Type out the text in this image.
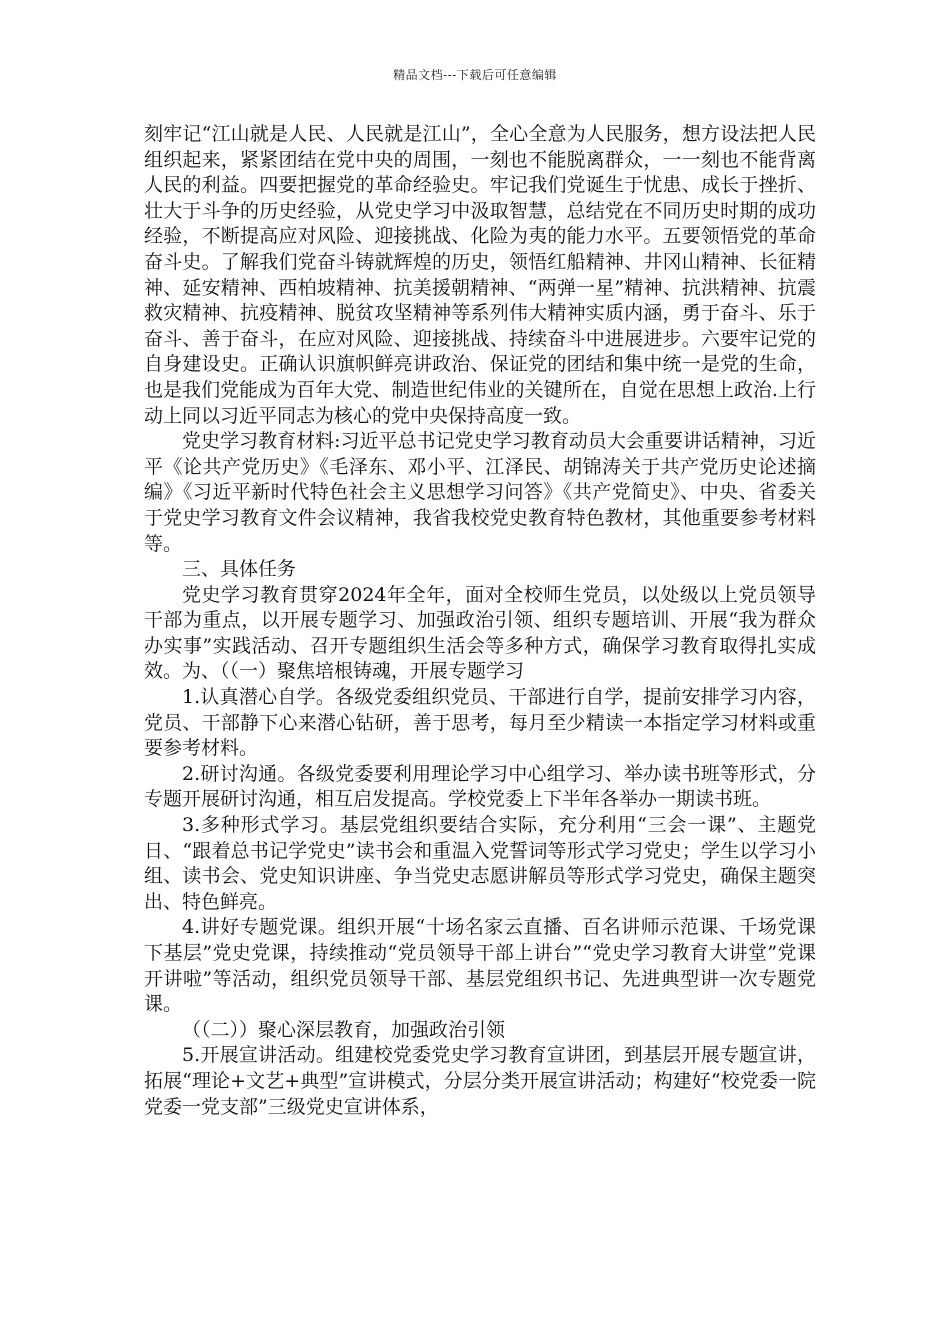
精品文档---下载后可任意编辑

刻牢记“江山就是人民、人民就是江山”，全心全意为人民服务，想方设法把人民组织起来，紧紧团结在党中央的周围，一刻也不能脱离群众，一一刻也不能背离人民的利益。四要把握党的革命经验史。牢记我们党诞生于忧患、成长于挫折、壮大于斗争的历史经验，从党史学习中汲取智慧，总结党在不同历史时期的成功经验，不断提高应对风险、迎接挑战、化险为夷的能力水平。五要领悟党的革命奋斗史。了解我们党奋斗铸就辉煌的历史，领悟红船精神、井冈山精神、长征精神、延安精神、西柏坡精神、抗美援朝精神、“两弹一星”精神、抗洪精神、抗震救灾精神、抗疫精神、脱贫攻坚精神等系列伟大精神实质内涵，勇于奋斗、乐于奋斗、善于奋斗，在应对风险、迎接挑战、持续奋斗中进展进步。六要牢记党的自身建设史。正确认识旗帜鲜亮讲政治、保证党的团结和集中统一是党的生命，也是我们党能成为百年大党、制造世纪伟业的关键所在，自觉在思想上政治.上行动上同以习近平同志为核心的党中央保持高度一致。

党史学习教育材料:习近平总书记党史学习教育动员大会重要讲话精神，习近平《论共产党历史》《毛泽东、邓小平、江泽民、胡锦涛关于共产党历史论述摘编》《习近平新时代特色社会主义思想学习问答》《共产党简史》、中央、省委关于党史学习教育文件会议精神，我省我校党史教育特色教材，其他重要参考材料等。

三、具体任务

党史学习教育贯穿2024年全年，面对全校师生党员，以处级以上党员领导干部为重点，以开展专题学习、加强政治引领、组织专题培训、开展“我为群众办实事”实践活动、召开专题组织生活会等多种方式，确保学习教育取得扎实成效。为、（（一）聚焦培根铸魂，开展专题学习

1.认真潜心自学。各级党委组织党员、干部进行自学，提前安排学习内容，党员、干部静下心来潜心钻研，善于思考，每月至少精读一本指定学习材料或重要参考材料。

2.研讨沟通。各级党委要利用理论学习中心组学习、举办读书班等形式，分专题开展研讨沟通，相互启发提高。学校党委上下半年各举办一期读书班。

3.多种形式学习。基层党组织要结合实际，充分利用“三会一课”、主题党日、“跟着总书记学党史”读书会和重温入党誓词等形式学习党史；学生以学习小组、读书会、党史知识讲座、争当党史志愿讲解员等形式学习党史，确保主题突出、特色鲜亮。

4.讲好专题党课。组织开展“十场名家云直播、百名讲师示范课、千场党课下基层”党史党课，持续推动“党员领导干部上讲台”“党史学习教育大讲堂”党课开讲啦”等活动，组织党员领导干部、基层党组织书记、先进典型讲一次专题党课。

（（二））聚心深层教育，加强政治引领

5.开展宣讲活动。组建校党委党史学习教育宣讲团，到基层开展专题宣讲，拓展“理论+文艺+典型”宣讲模式，分层分类开展宣讲活动；构建好“校党委一院党委一党支部”三级党史宣讲体系，
